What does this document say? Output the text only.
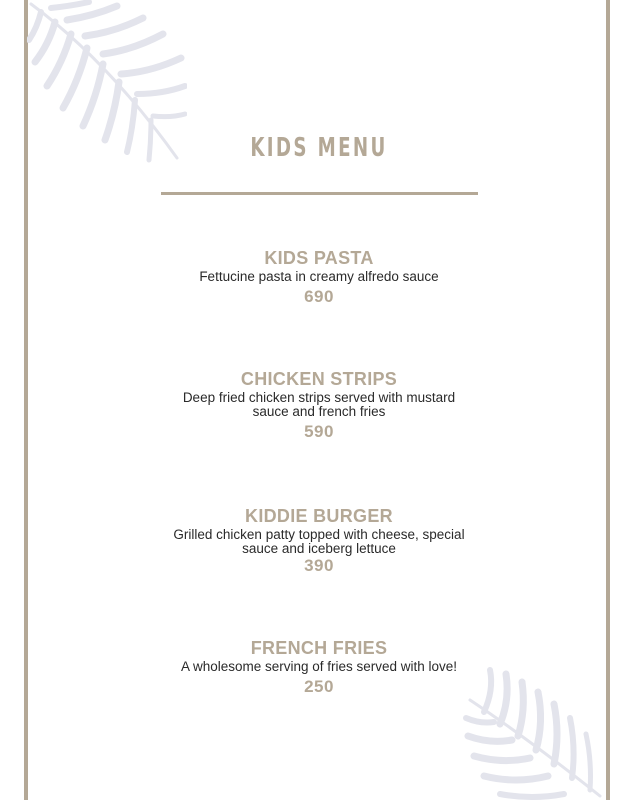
KIDS MENU

KIDS PASTA

Fettucine pasta in creamy alfredo sauce

690

CHICKEN STRIPS

Deep fried chicken strips served with mustard

sauce and french fries

590

KIDDIE BURGER

Grilled chicken patty topped with cheese, special

sauce and iceberg lettuce

390

FRENCH FRIES

A wholesome serving of fries served with love!

250
